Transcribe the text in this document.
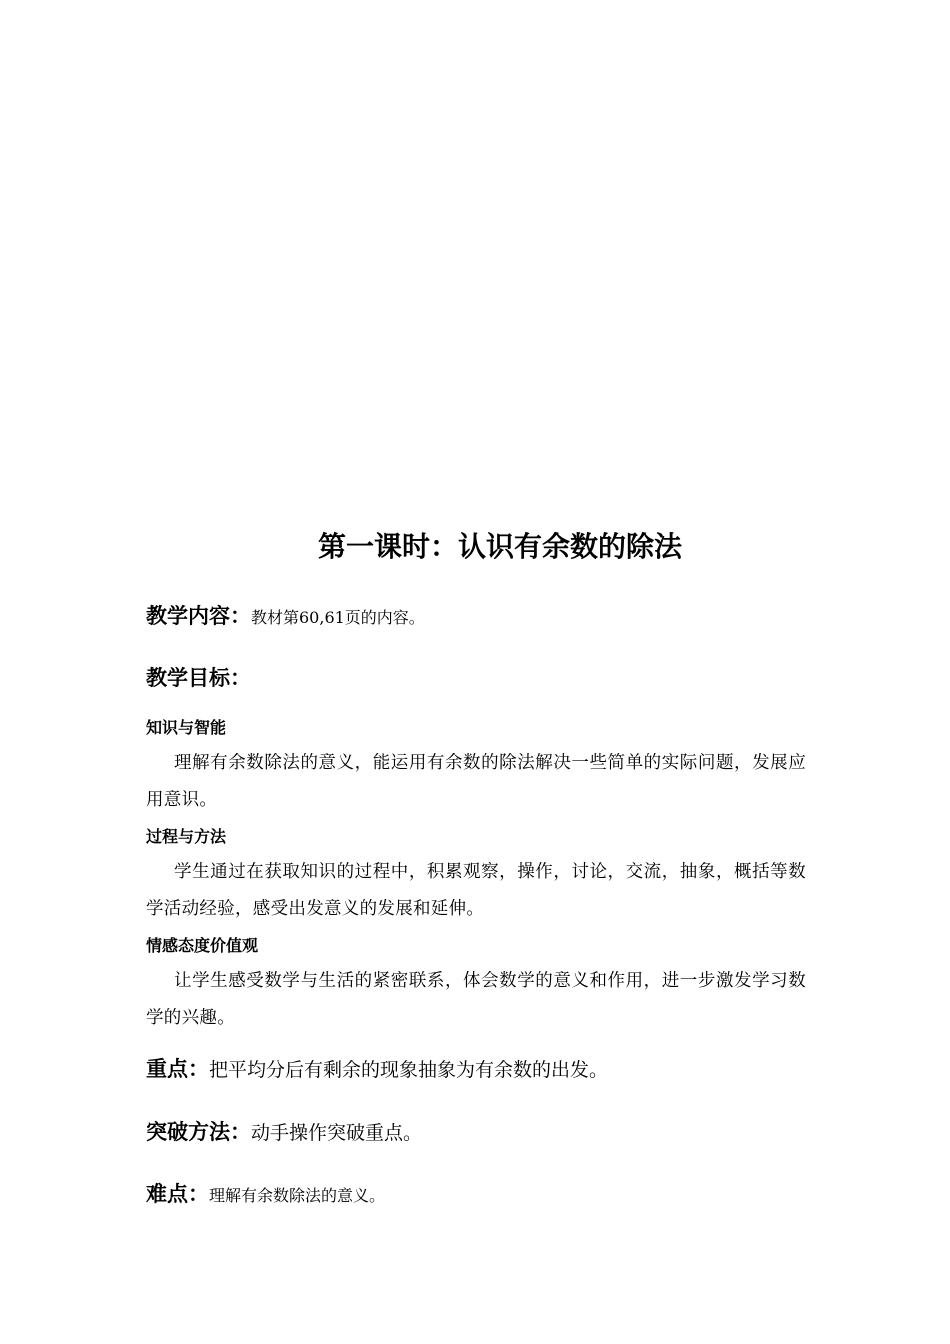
第一课时：认识有余数的除法
教学内容：教材第60,61页的内容。
教学目标：
知识与智能
理解有余数除法的意义，能运用有余数的除法解决一些简单的实际问题，发展应用意识。
过程与方法
学生通过在获取知识的过程中，积累观察，操作，讨论，交流，抽象，概括等数学活动经验，感受出发意义的发展和延伸。
情感态度价值观
让学生感受数学与生活的紧密联系，体会数学的意义和作用，进一步激发学习数学的兴趣。
重点：把平均分后有剩余的现象抽象为有余数的出发。
突破方法：动手操作突破重点。
难点：理解有余数除法的意义。
